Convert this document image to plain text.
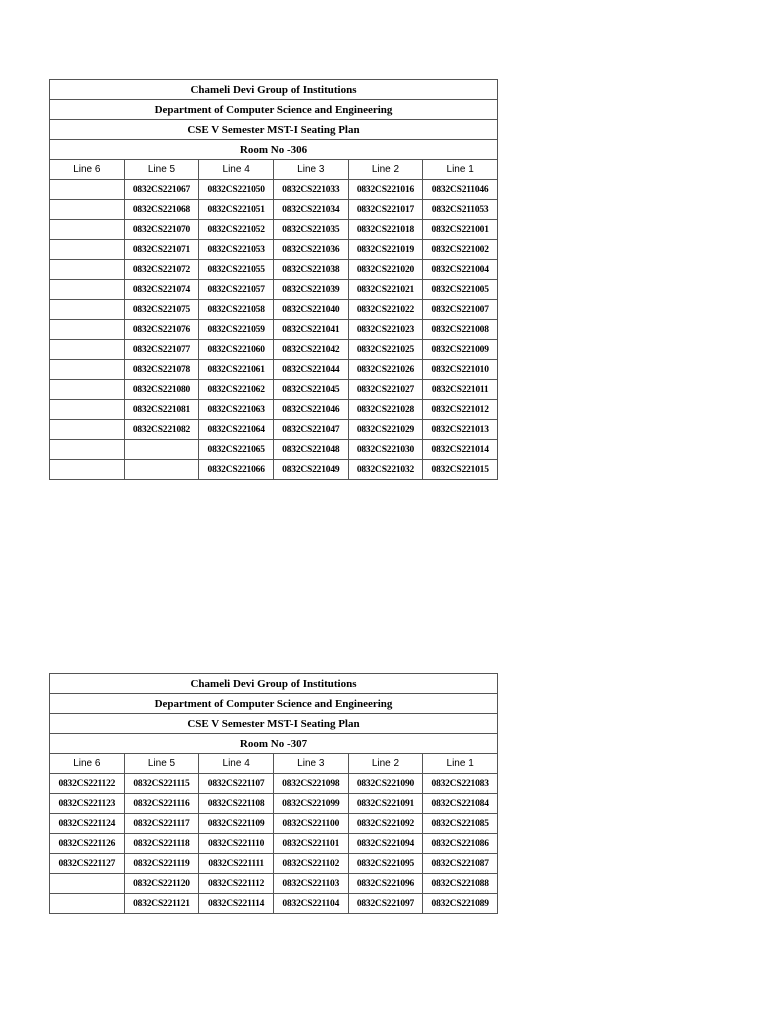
Chameli Devi Group of Institutions					
Department of Computer Science and Engineering					
CSE V Semester MST-I Seating Plan					
Room No -306					
Line 6	Line 5	Line 4	Line 3	Line 2	Line 1
	0832CS221067	0832CS221050	0832CS221033	0832CS221016	0832CS211046
	0832CS221068	0832CS221051	0832CS221034	0832CS221017	0832CS211053
	0832CS221070	0832CS221052	0832CS221035	0832CS221018	0832CS221001
	0832CS221071	0832CS221053	0832CS221036	0832CS221019	0832CS221002
	0832CS221072	0832CS221055	0832CS221038	0832CS221020	0832CS221004
	0832CS221074	0832CS221057	0832CS221039	0832CS221021	0832CS221005
	0832CS221075	0832CS221058	0832CS221040	0832CS221022	0832CS221007
	0832CS221076	0832CS221059	0832CS221041	0832CS221023	0832CS221008
	0832CS221077	0832CS221060	0832CS221042	0832CS221025	0832CS221009
	0832CS221078	0832CS221061	0832CS221044	0832CS221026	0832CS221010
	0832CS221080	0832CS221062	0832CS221045	0832CS221027	0832CS221011
	0832CS221081	0832CS221063	0832CS221046	0832CS221028	0832CS221012
	0832CS221082	0832CS221064	0832CS221047	0832CS221029	0832CS221013
		0832CS221065	0832CS221048	0832CS221030	0832CS221014
		0832CS221066	0832CS221049	0832CS221032	0832CS221015
Chameli Devi Group of Institutions					
Department of Computer Science and Engineering					
CSE V Semester MST-I Seating Plan					
Room No -307					
Line 6	Line 5	Line 4	Line 3	Line 2	Line 1
0832CS221122	0832CS221115	0832CS221107	0832CS221098	0832CS221090	0832CS221083
0832CS221123	0832CS221116	0832CS221108	0832CS221099	0832CS221091	0832CS221084
0832CS221124	0832CS221117	0832CS221109	0832CS221100	0832CS221092	0832CS221085
0832CS221126	0832CS221118	0832CS221110	0832CS221101	0832CS221094	0832CS221086
0832CS221127	0832CS221119	0832CS221111	0832CS221102	0832CS221095	0832CS221087
	0832CS221120	0832CS221112	0832CS221103	0832CS221096	0832CS221088
	0832CS221121	0832CS221114	0832CS221104	0832CS221097	0832CS221089
